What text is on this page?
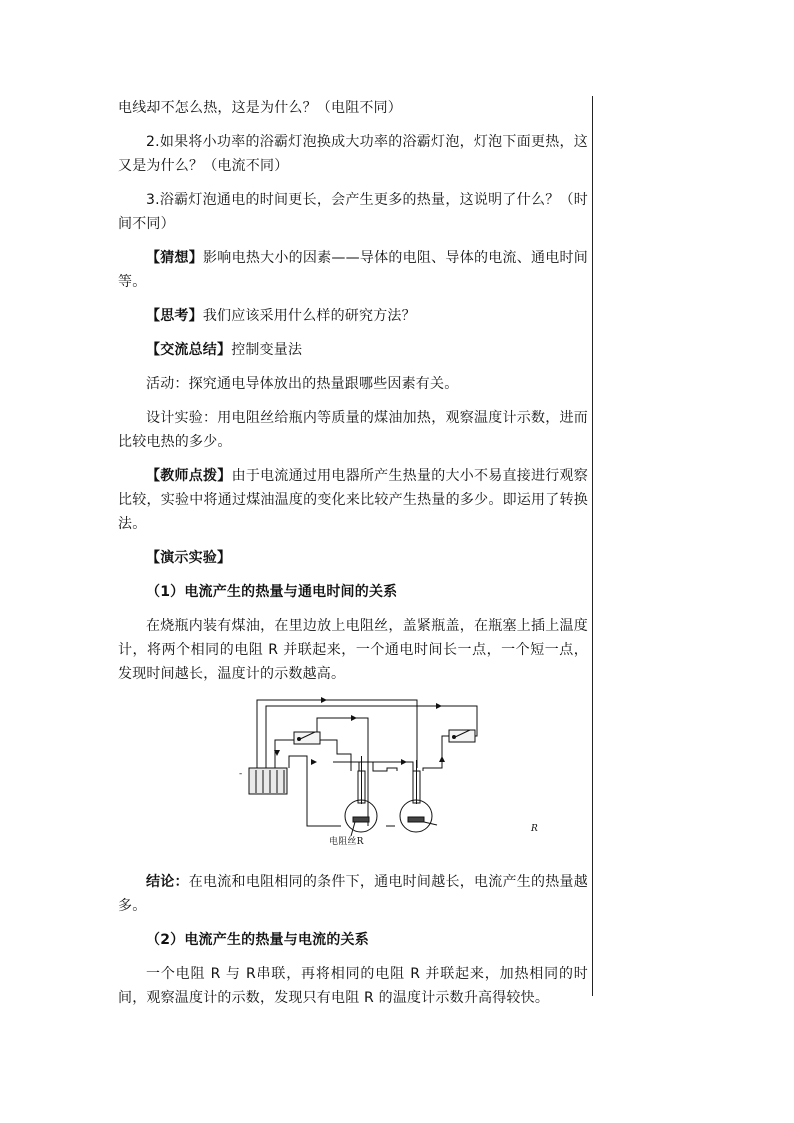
电线却不怎么热，这是为什么？（电阻不同）

2.如果将小功率的浴霸灯泡换成大功率的浴霸灯泡，灯泡下面更热，这又是为什么？（电流不同）

3.浴霸灯泡通电的时间更长，会产生更多的热量，这说明了什么？（时间不同）

【猜想】影响电热大小的因素——导体的电阻、导体的电流、通电时间等。

【思考】我们应该采用什么样的研究方法？

【交流总结】控制变量法

活动：探究通电导体放出的热量跟哪些因素有关。

设计实验：用电阻丝给瓶内等质量的煤油加热，观察温度计示数，进而比较电热的多少。

【教师点拨】由于电流通过用电器所产生热量的大小不易直接进行观察比较，实验中将通过煤油温度的变化来比较产生热量的多少。即运用了转换法。

【演示实验】

（1）电流产生的热量与通电时间的关系

在烧瓶内装有煤油，在里边放上电阻丝，盖紧瓶盖，在瓶塞上插上温度计，将两个相同的电阻 R 并联起来，一个通电时间长一点，一个短一点，发现时间越长，温度计的示数越高。

-
电阻丝R
R

结论：在电流和电阻相同的条件下，通电时间越长，电流产生的热量越多。

（2）电流产生的热量与电流的关系

一个电阻 R 与 R串联，再将相同的电阻 R 并联起来，加热相同的时间，观察温度计的示数，发现只有电阻 R 的温度计示数升高得较快。
